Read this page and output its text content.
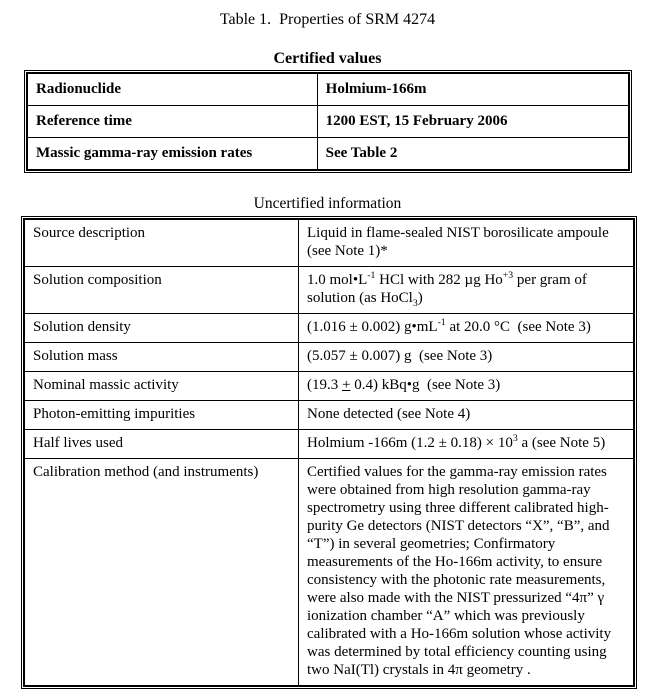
Table 1.  Properties of SRM 4274
Certified values
Radionuclide	Holmium-166m
Reference time	1200 EST, 15 February 2006
Massic gamma-ray emission rates	See Table 2
Uncertified information
Source description	Liquid in flame-sealed NIST borosilicate ampoule (see Note 1)*
Solution composition	1.0 $mol•L^{-1}$ HCl with 282 µg $Ho^{+3}$ per gram of solution (as HoCl$_3$)
Solution density	(1.016 ± 0.002) $g•mL^{-1}$ at 20.0 °C  (see Note 3)
Solution mass	(5.057 ± 0.007) g  (see Note 3)
Nominal massic activity	(19.3 + 0.4) kBq•g  (see Note 3)
Photon-emitting impurities	None detected (see Note 4)
Half lives used	Holmium -166m $(1.2 \pm 0.18) \times 10^3$ a (see Note 5)
Calibration method (and instruments)	Certified values for the gamma-ray emission rates were obtained from high resolution gamma-ray spectrometry using three different calibrated high-purity Ge detectors (NIST detectors “X”, “B”, and “T”) in several geometries; Confirmatory measurements of the Ho-166m activity, to ensure consistency with the photonic rate measurements, were also made with the NIST pressurized “4π” γ ionization chamber “A” which was previously calibrated with a Ho-166m solution whose activity was determined by total efficiency counting using two NaI(Tl) crystals in 4π geometry .
